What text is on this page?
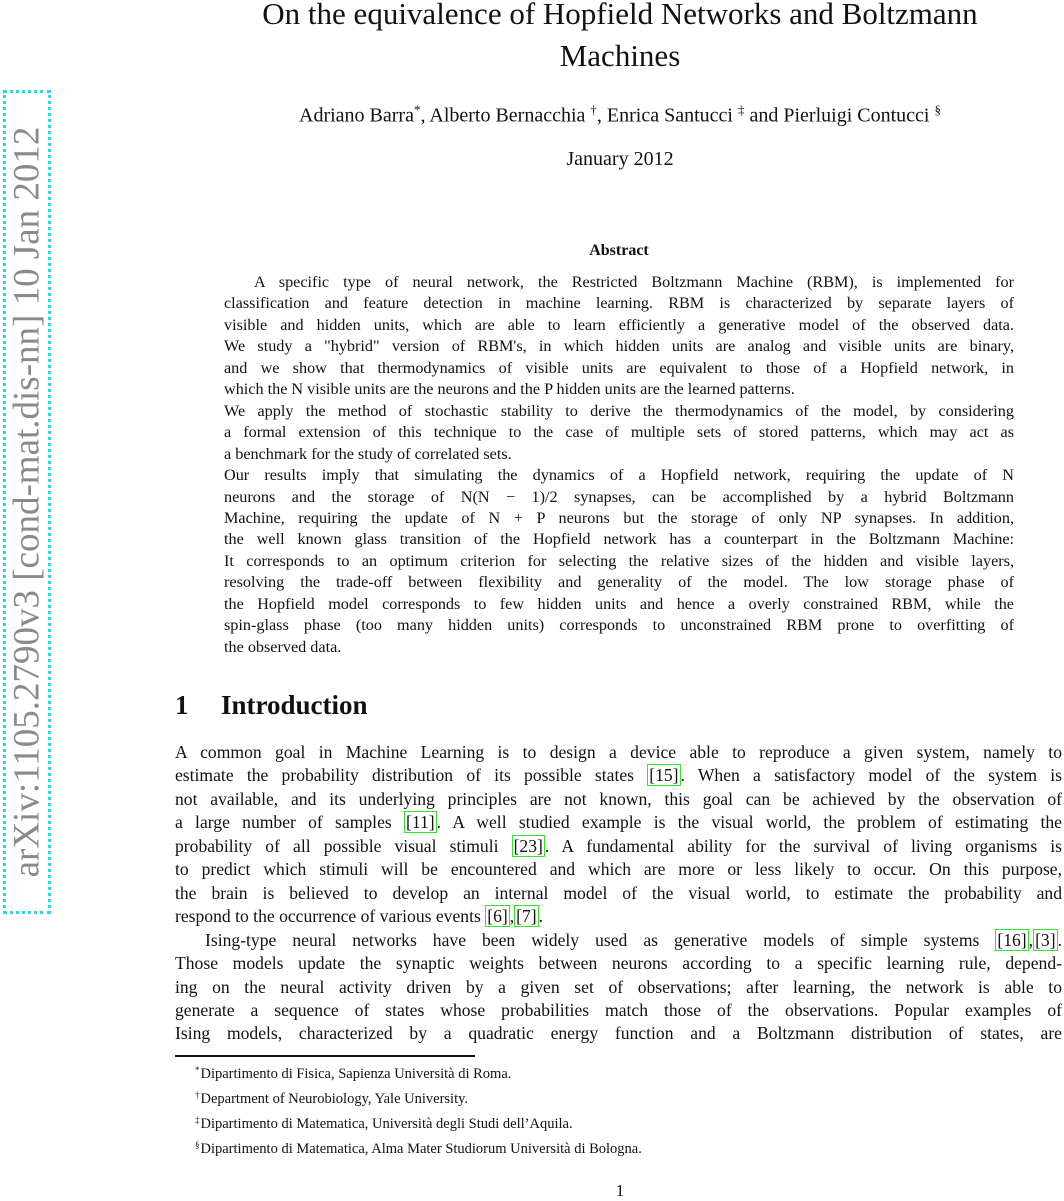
arXiv:1105.2790v3 [cond-mat.dis-nn] 10 Jan 2012
On the equivalence of Hopfield Networks and Boltzmann
Machines
Adriano Barra*, Alberto Bernacchia †, Enrica Santucci ‡ and Pierluigi Contucci §
January 2012
Abstract
A specific type of neural network, the Restricted Boltzmann Machine (RBM), is implemented for
classification and feature detection in machine learning. RBM is characterized by separate layers of
visible and hidden units, which are able to learn efficiently a generative model of the observed data.
We study a "hybrid" version of RBM's, in which hidden units are analog and visible units are binary,
and we show that thermodynamics of visible units are equivalent to those of a Hopfield network, in
which the N visible units are the neurons and the P hidden units are the learned patterns.
We apply the method of stochastic stability to derive the thermodynamics of the model, by considering
a formal extension of this technique to the case of multiple sets of stored patterns, which may act as
a benchmark for the study of correlated sets.
Our results imply that simulating the dynamics of a Hopfield network, requiring the update of N
neurons and the storage of N(N − 1)/2 synapses, can be accomplished by a hybrid Boltzmann
Machine, requiring the update of N + P neurons but the storage of only NP synapses. In addition,
the well known glass transition of the Hopfield network has a counterpart in the Boltzmann Machine:
It corresponds to an optimum criterion for selecting the relative sizes of the hidden and visible layers,
resolving the trade-off between flexibility and generality of the model. The low storage phase of
the Hopfield model corresponds to few hidden units and hence a overly constrained RBM, while the
spin-glass phase (too many hidden units) corresponds to unconstrained RBM prone to overfitting of
the observed data.
1 Introduction
A common goal in Machine Learning is to design a device able to reproduce a given system, namely to
estimate the probability distribution of its possible states [15] . When a satisfactory model of the system is
not available, and its underlying principles are not known, this goal can be achieved by the observation of
a large number of samples [11] . A well studied example is the visual world, the problem of estimating the
probability of all possible visual stimuli [23] . A fundamental ability for the survival of living organisms is
to predict which stimuli will be encountered and which are more or less likely to occur. On this purpose,
the brain is believed to develop an internal model of the visual world, to estimate the probability and
respond to the occurrence of various events [6] , [7] .
Ising-type neural networks have been widely used as generative models of simple systems [16] , [3] .
Those models update the synaptic weights between neurons according to a specific learning rule, depend-
ing on the neural activity driven by a given set of observations; after learning, the network is able to
generate a sequence of states whose probabilities match those of the observations. Popular examples of
Ising models, characterized by a quadratic energy function and a Boltzmann distribution of states, are
*Dipartimento di Fisica, Sapienza Università di Roma.
†Department of Neurobiology, Yale University.
‡Dipartimento di Matematica, Università degli Studi dell’Aquila.
§Dipartimento di Matematica, Alma Mater Studiorum Università di Bologna.
1
